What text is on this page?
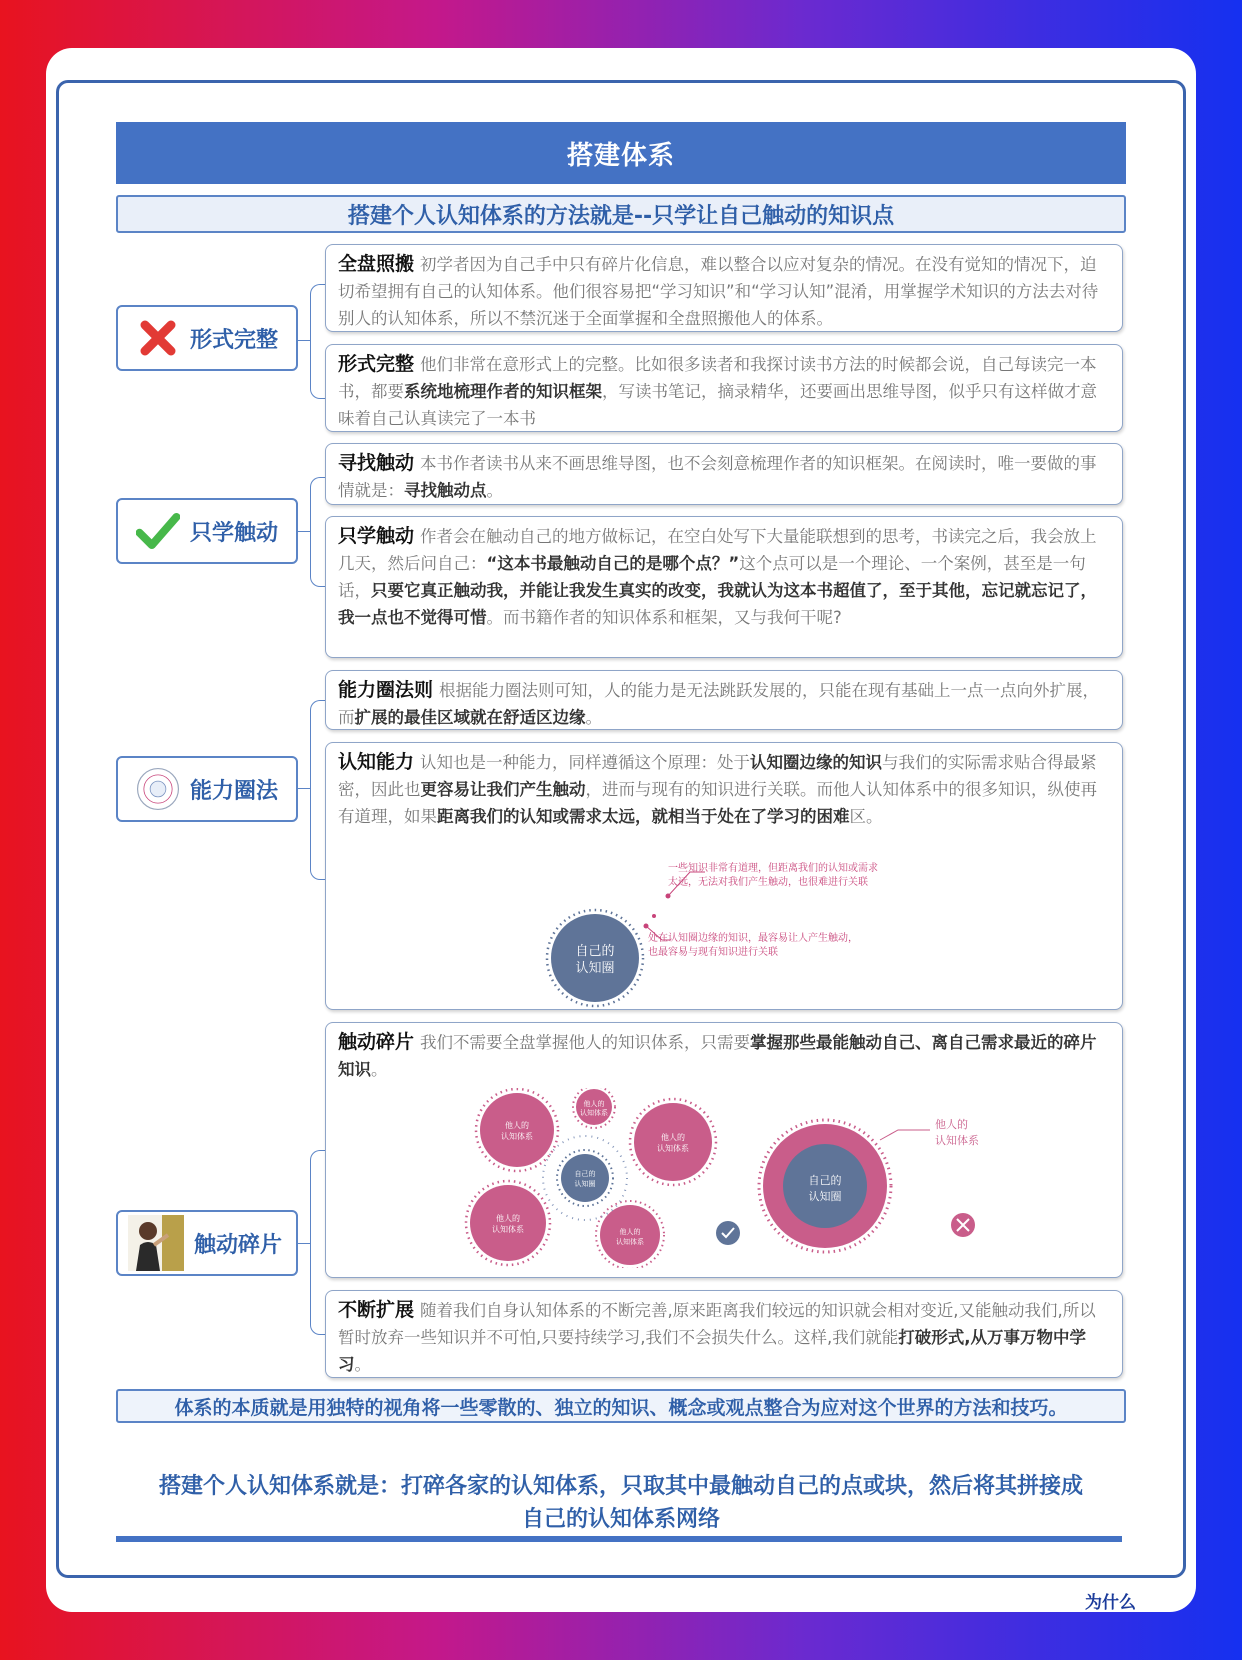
搭建体系
搭建个人认知体系的方法就是--只学让自己触动的知识点
形式完整
只学触动
能力圈法
触动碎片
全盘照搬 初学者因为自己手中只有碎片化信息，难以整合以应对复杂的情况。在没有觉知的情况下，迫切希望拥有自己的认知体系。他们很容易把“学习知识”和“学习认知”混淆，用掌握学术知识的方法去对待别人的认知体系，所以不禁沉迷于全面掌握和全盘照搬他人的体系。
形式完整 他们非常在意形式上的完整。比如很多读者和我探讨读书方法的时候都会说，自己每读完一本书，都要系统地梳理作者的知识框架，写读书笔记，摘录精华，还要画出思维导图，似乎只有这样做才意味着自己认真读完了一本书
寻找触动 本书作者读书从来不画思维导图，也不会刻意梳理作者的知识框架。在阅读时，唯一要做的事情就是：寻找触动点。
只学触动 作者会在触动自己的地方做标记，在空白处写下大量能联想到的思考，书读完之后，我会放上几天，然后问自己：“这本书最触动自己的是哪个点？”这个点可以是一个理论、一个案例，甚至是一句话，只要它真正触动我，并能让我发生真实的改变，我就认为这本书超值了，至于其他，忘记就忘记了，我一点也不觉得可惜。而书籍作者的知识体系和框架，又与我何干呢?
能力圈法则 根据能力圈法则可知，人的能力是无法跳跃发展的，只能在现有基础上一点一点向外扩展，而扩展的最佳区域就在舒适区边缘。
认知能力 认知也是一种能力，同样遵循这个原理：处于认知圈边缘的知识与我们的实际需求贴合得最紧密，因此也更容易让我们产生触动，进而与现有的知识进行关联。而他人认知体系中的很多知识，纵使再有道理，如果距离我们的认知或需求太远，就相当于处在了学习的困难区。
自己的
认知圈
一些知识非常有道理，但距离我们的认知或需求
太远，无法对我们产生触动，也很难进行关联
处在认知圈边缘的知识，最容易让人产生触动，
也最容易与现有知识进行关联
触动碎片 我们不需要全盘掌握他人的知识体系，只需要掌握那些最能触动自己、离自己需求最近的碎片知识。
他人的
认知体系
他人的
认知体系
他人的
认知体系
他人的
认知体系	他人的
认知体系
自己的
认知圈	自己的
认知圈
他人的
认知体系
不断扩展 随着我们自身认知体系的不断完善,原来距离我们较远的知识就会相对变近,又能触动我们,所以暂时放弃一些知识并不可怕,只要持续学习,我们不会损失什么。这样,我们就能打破形式,从万事万物中学习。
体系的本质就是用独特的视角将一些零散的、独立的知识、概念或观点整合为应对这个世界的方法和技巧。
搭建个人认知体系就是：打碎各家的认知体系，只取其中最触动自己的点或块，然后将其拼接成
自己的认知体系网络
为什么
